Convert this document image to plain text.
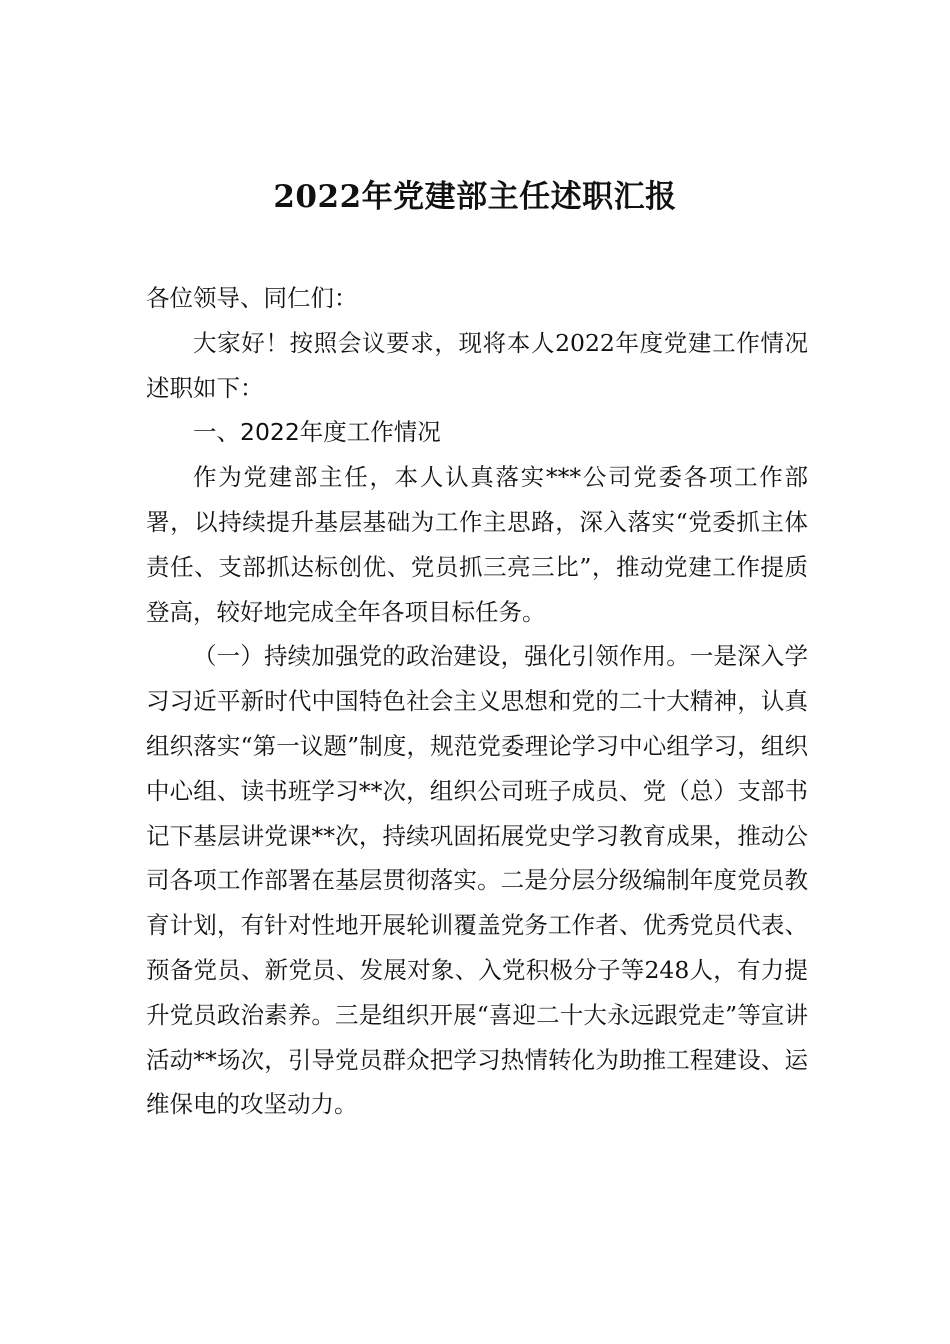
2022年党建部主任述职汇报

各位领导、同仁们：

大家好！按照会议要求，现将本人2022年度党建工作情况述职如下：

一、2022年度工作情况

作为党建部主任，本人认真落实***公司党委各项工作部署，以持续提升基层基础为工作主思路，深入落实“党委抓主体责任、支部抓达标创优、党员抓三亮三比”，推动党建工作提质登高，较好地完成全年各项目标任务。

（一）持续加强党的政治建设，强化引领作用。一是深入学习习近平新时代中国特色社会主义思想和党的二十大精神，认真组织落实“第一议题”制度，规范党委理论学习中心组学习，组织中心组、读书班学习**次，组织公司班子成员、党（总）支部书记下基层讲党课**次，持续巩固拓展党史学习教育成果，推动公司各项工作部署在基层贯彻落实。二是分层分级编制年度党员教育计划，有针对性地开展轮训覆盖党务工作者、优秀党员代表、预备党员、新党员、发展对象、入党积极分子等248人，有力提升党员政治素养。三是组织开展“喜迎二十大永远跟党走”等宣讲活动**场次，引导党员群众把学习热情转化为助推工程建设、运维保电的攻坚动力。
